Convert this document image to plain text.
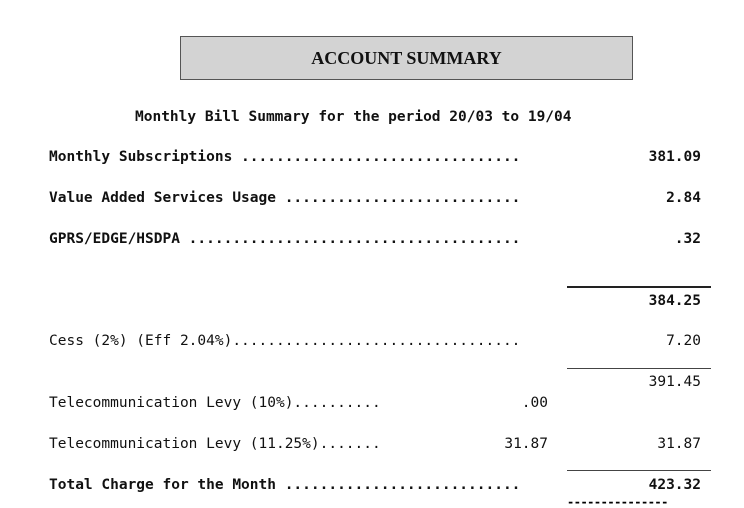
ACCOUNT SUMMARY
Monthly Bill Summary for the period 20/03 to 19/04
Monthly Subscriptions ................................	381.09
Value Added Services Usage ...........................	2.84
GPRS/EDGE/HSDPA ......................................	.32
384.25
Cess (2%) (Eff 2.04%).................................	7.20
391.45
Telecommunication Levy (10%)..........	.00
Telecommunication Levy (11.25%).......	31.87	31.87
Total Charge for the Month ...........................	423.32
---------------
